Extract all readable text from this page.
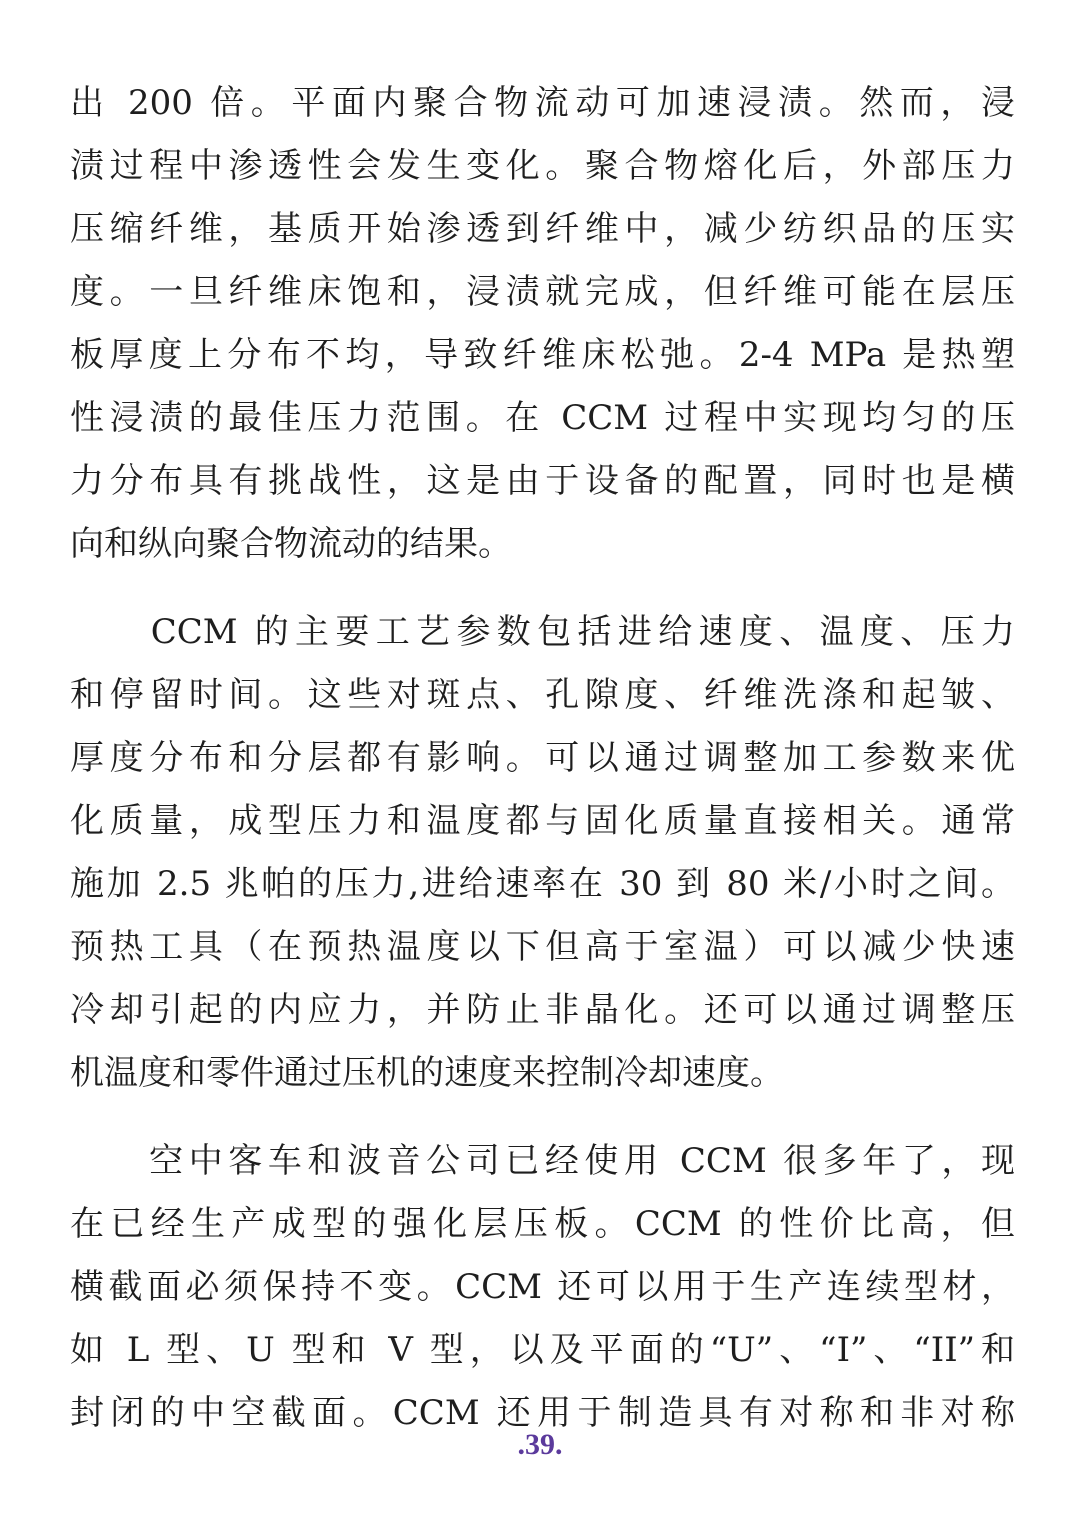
出 200 倍。平面内聚合物流动可加速浸渍。然而，浸
渍过程中渗透性会发生变化。聚合物熔化后，外部压力
压缩纤维，基质开始渗透到纤维中，减少纺织品的压实
度。一旦纤维床饱和，浸渍就完成，但纤维可能在层压
板厚度上分布不均，导致纤维床松弛。2-4 MPa 是热塑
性浸渍的最佳压力范围。在 CCM 过程中实现均匀的压
力分布具有挑战性，这是由于设备的配置，同时也是横
向和纵向聚合物流动的结果。
　　CCM 的主要工艺参数包括进给速度、温度、压力
和停留时间。这些对斑点、孔隙度、纤维洗涤和起皱、
厚度分布和分层都有影响。可以通过调整加工参数来优
化质量，成型压力和温度都与固化质量直接相关。通常
施加 2.5 兆帕的压力,进给速率在 30 到 80 米/小时之间。
预热工具（在预热温度以下但高于室温）可以减少快速
冷却引起的内应力，并防止非晶化。还可以通过调整压
机温度和零件通过压机的速度来控制冷却速度。
　　空中客车和波音公司已经使用 CCM 很多年了，现
在已经生产成型的强化层压板。CCM 的性价比高，但
横截面必须保持不变。CCM 还可以用于生产连续型材，
如 L 型、U 型和 V 型，以及平面的“U”、“I”、“II”和
封闭的中空截面。CCM 还用于制造具有对称和非对称
.39.
